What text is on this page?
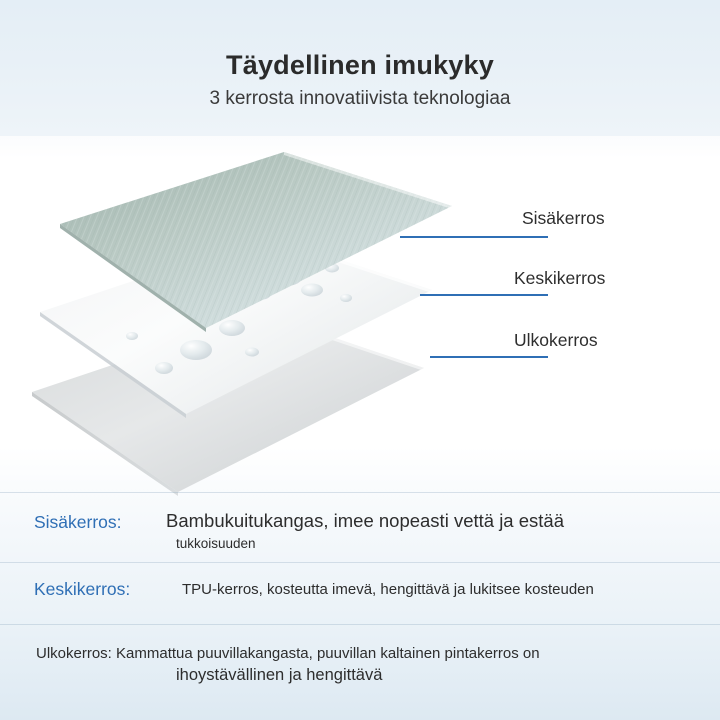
Täydellinen imukyky
3 kerrosta innovatiivista teknologiaa
Sisäkerros
Keskikerros
Ulkokerros
Sisäkerros: Bambukuitukangas, imee nopeasti vettä ja estää
tukkoisuuden
Keskikerros:	TPU-kerros, kosteutta imevä, hengittävä ja lukitsee kosteuden
Ulkokerros: Kammattua puuvillakangasta, puuvillan kaltainen pintakerros on
ihoystävällinen ja hengittävä
